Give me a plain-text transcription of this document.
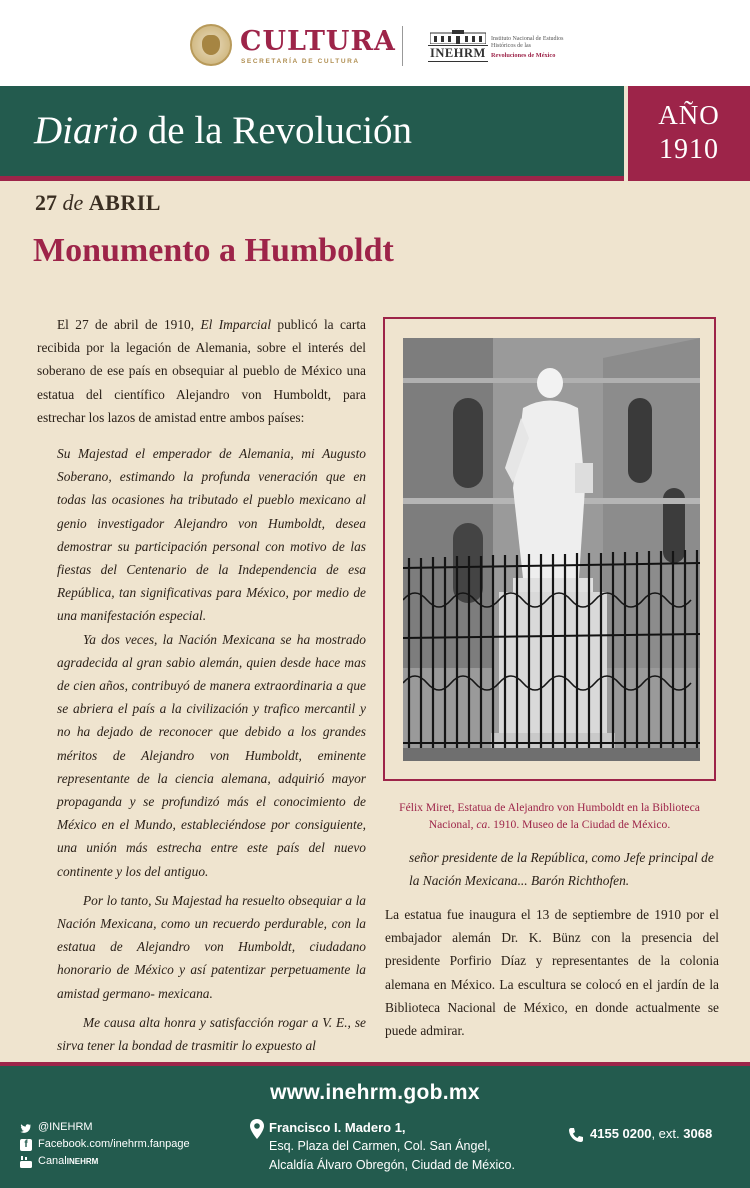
CULTURA
SECRETARÍA DE CULTURA
INEHRM
Instituto Nacional de Estudios Históricos de las
Revoluciones de México
Diario de la Revolución	AÑO
1910
27 de ABRIL
Monumento a Humboldt

El 27 de abril de 1910, El Imparcial publicó la carta recibida por la legación de Alemania, sobre el interés del soberano de ese país en obsequiar al pueblo de México una estatua del científico Alejandro von Humboldt, para estrechar los lazos de amistad entre ambos países:

Su Majestad el emperador de Alemania, mi Augusto Soberano, estimando la profunda veneración que en todas las ocasiones ha tributado el pueblo mexicano al genio investigador Alejandro von Humboldt, desea demostrar su participación personal con motivo de las fiestas del Centenario de la Independencia de esa República, tan significativas para México, por medio de una manifestación especial.

Ya dos veces, la Nación Mexicana se ha mostrado agradecida al gran sabio alemán, quien desde hace mas de cien años, contribuyó de manera extraordinaria a que se abriera el país a la civilización y trafico mercantil y no ha dejado de reconocer que debido a los grandes méritos de Alejandro von Humboldt, eminente representante de la ciencia alemana, adquirió mayor propaganda y se profundizó más el conocimiento de México en el Mundo, estableciéndose por consiguiente, una unión más estrecha entre este país del nuevo continente y los del antiguo.

Por lo tanto, Su Majestad ha resuelto obsequiar a la Nación Mexicana, como un recuerdo perdurable, con la estatua de Alejandro von Humboldt, ciudadano honorario de México y así patentizar perpetuamente la amistad germano- mexicana.

Me causa alta honra y satisfacción rogar a V. E., se sirva tener la bondad de trasmitir lo expuesto al

Félix Miret, Estatua de Alejandro von Humboldt en la Biblioteca Nacional, ca. 1910. Museo de la Ciudad de México.
señor presidente de la República, como Jefe principal de la Nación Mexicana... Barón Richthofen.
La estatua fue inaugura el 13 de septiembre de 1910 por el embajador alemán Dr. K. Bünz con la presencia del presidente Porfirio Díaz y representantes de la colonia alemana en México. La escultura se colocó en el jardín de la Biblioteca Nacional de México, en donde actualmente se puede admirar.
www.inehrm.gob.mx
@INEHRM
f Facebook.com/inehrm.fanpage
Canal INEHRM
Francisco I. Madero 1,
Esq. Plaza del Carmen, Col. San Ángel,
Alcaldía Álvaro Obregón, Ciudad de México.
4155 0200, ext. 3068
